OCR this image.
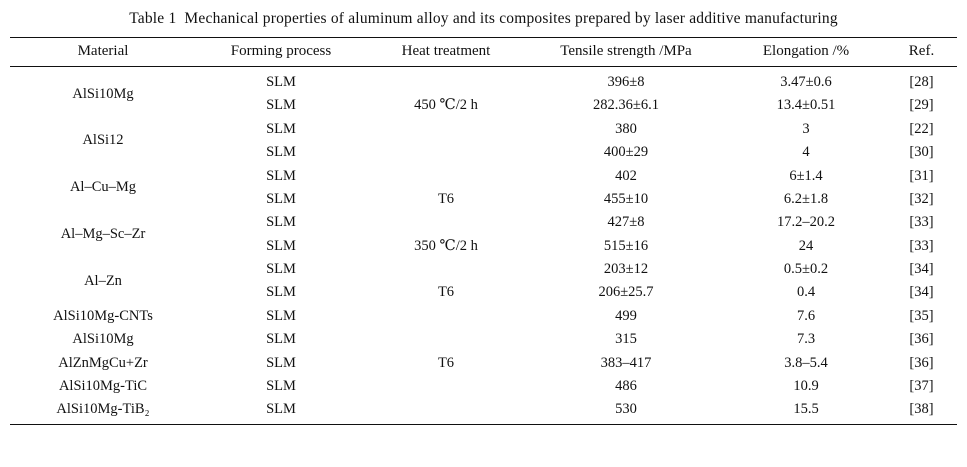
Table 1 Mechanical properties of aluminum alloy and its composites prepared by laser additive manufacturing
Material	Forming process	Heat treatment	Tensile strength /MPa	Elongation /%	Ref.
AlSi10Mg	SLM		396±8	3.47±0.6	[28]
	SLM	450 ℃/2 h	282.36±6.1	13.4±0.51	[29]
AlSi12	SLM		380	3	[22]
	SLM		400±29	4	[30]
Al–Cu–Mg	SLM		402	6±1.4	[31]
	SLM	T6	455±10	6.2±1.8	[32]
Al–Mg–Sc–Zr	SLM		427±8	17.2–20.2	[33]
	SLM	350 ℃/2 h	515±16	24	[33]
Al–Zn	SLM		203±12	0.5±0.2	[34]
	SLM	T6	206±25.7	0.4	[34]
AlSi10Mg-CNTs	SLM		499	7.6	[35]
AlSi10Mg	SLM		315	7.3	[36]
AlZnMgCu+Zr	SLM	T6	383–417	3.8–5.4	[36]
AlSi10Mg-TiC	SLM		486	10.9	[37]
AlSi10Mg-TiB₂	SLM		530	15.5	[38]
